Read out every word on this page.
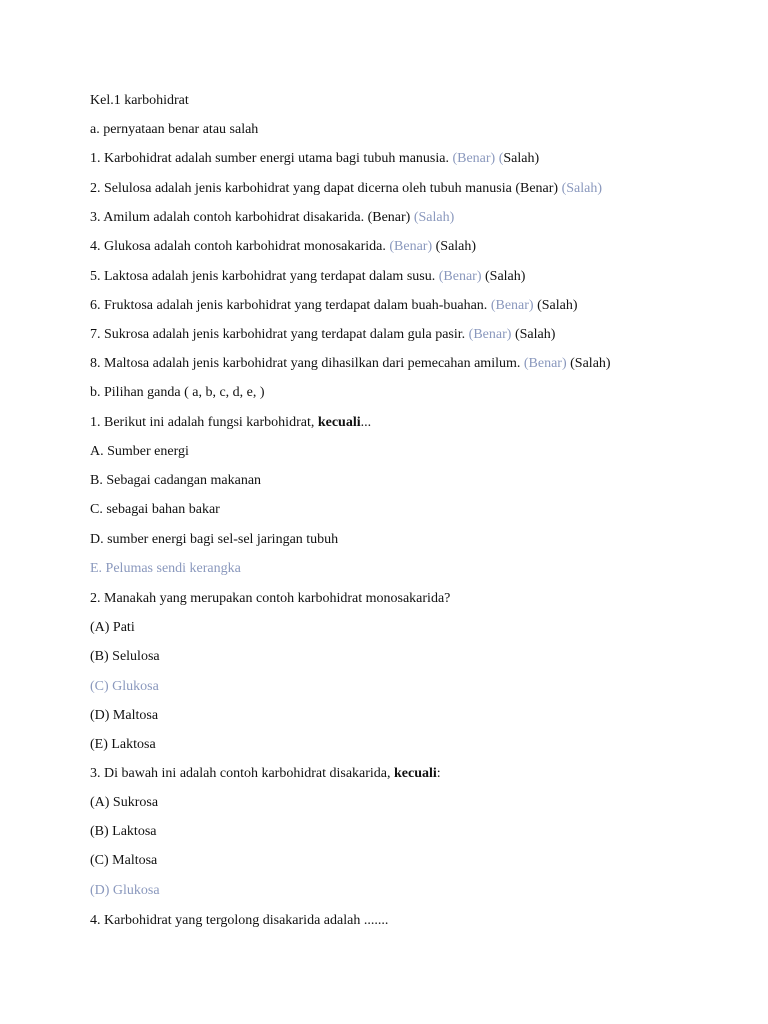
Kel.1 karbohidrat
a. pernyataan benar atau salah
1. Karbohidrat adalah sumber energi utama bagi tubuh manusia. (Benar) (Salah)
2. Selulosa adalah jenis karbohidrat yang dapat dicerna oleh tubuh manusia (Benar) (Salah)
3. Amilum adalah contoh karbohidrat disakarida. (Benar) (Salah)
4. Glukosa adalah contoh karbohidrat monosakarida. (Benar) (Salah)
5. Laktosa adalah jenis karbohidrat yang terdapat dalam susu. (Benar) (Salah)
6. Fruktosa adalah jenis karbohidrat yang terdapat dalam buah-buahan. (Benar) (Salah)
7. Sukrosa adalah jenis karbohidrat yang terdapat dalam gula pasir. (Benar) (Salah)
8. Maltosa adalah jenis karbohidrat yang dihasilkan dari pemecahan amilum. (Benar) (Salah)
b. Pilihan ganda ( a, b, c, d, e, )
1. Berikut ini adalah fungsi karbohidrat, kecuali...
A. Sumber energi
B. Sebagai cadangan makanan
C. sebagai bahan bakar
D. sumber energi bagi sel-sel jaringan tubuh
E. Pelumas sendi kerangka
2. Manakah yang merupakan contoh karbohidrat monosakarida?
(A) Pati
(B) Selulosa
(C) Glukosa
(D) Maltosa
(E) Laktosa
3. Di bawah ini adalah contoh karbohidrat disakarida, kecuali:
(A) Sukrosa
(B) Laktosa
(C) Maltosa
(D) Glukosa
4. Karbohidrat yang tergolong disakarida adalah .......
